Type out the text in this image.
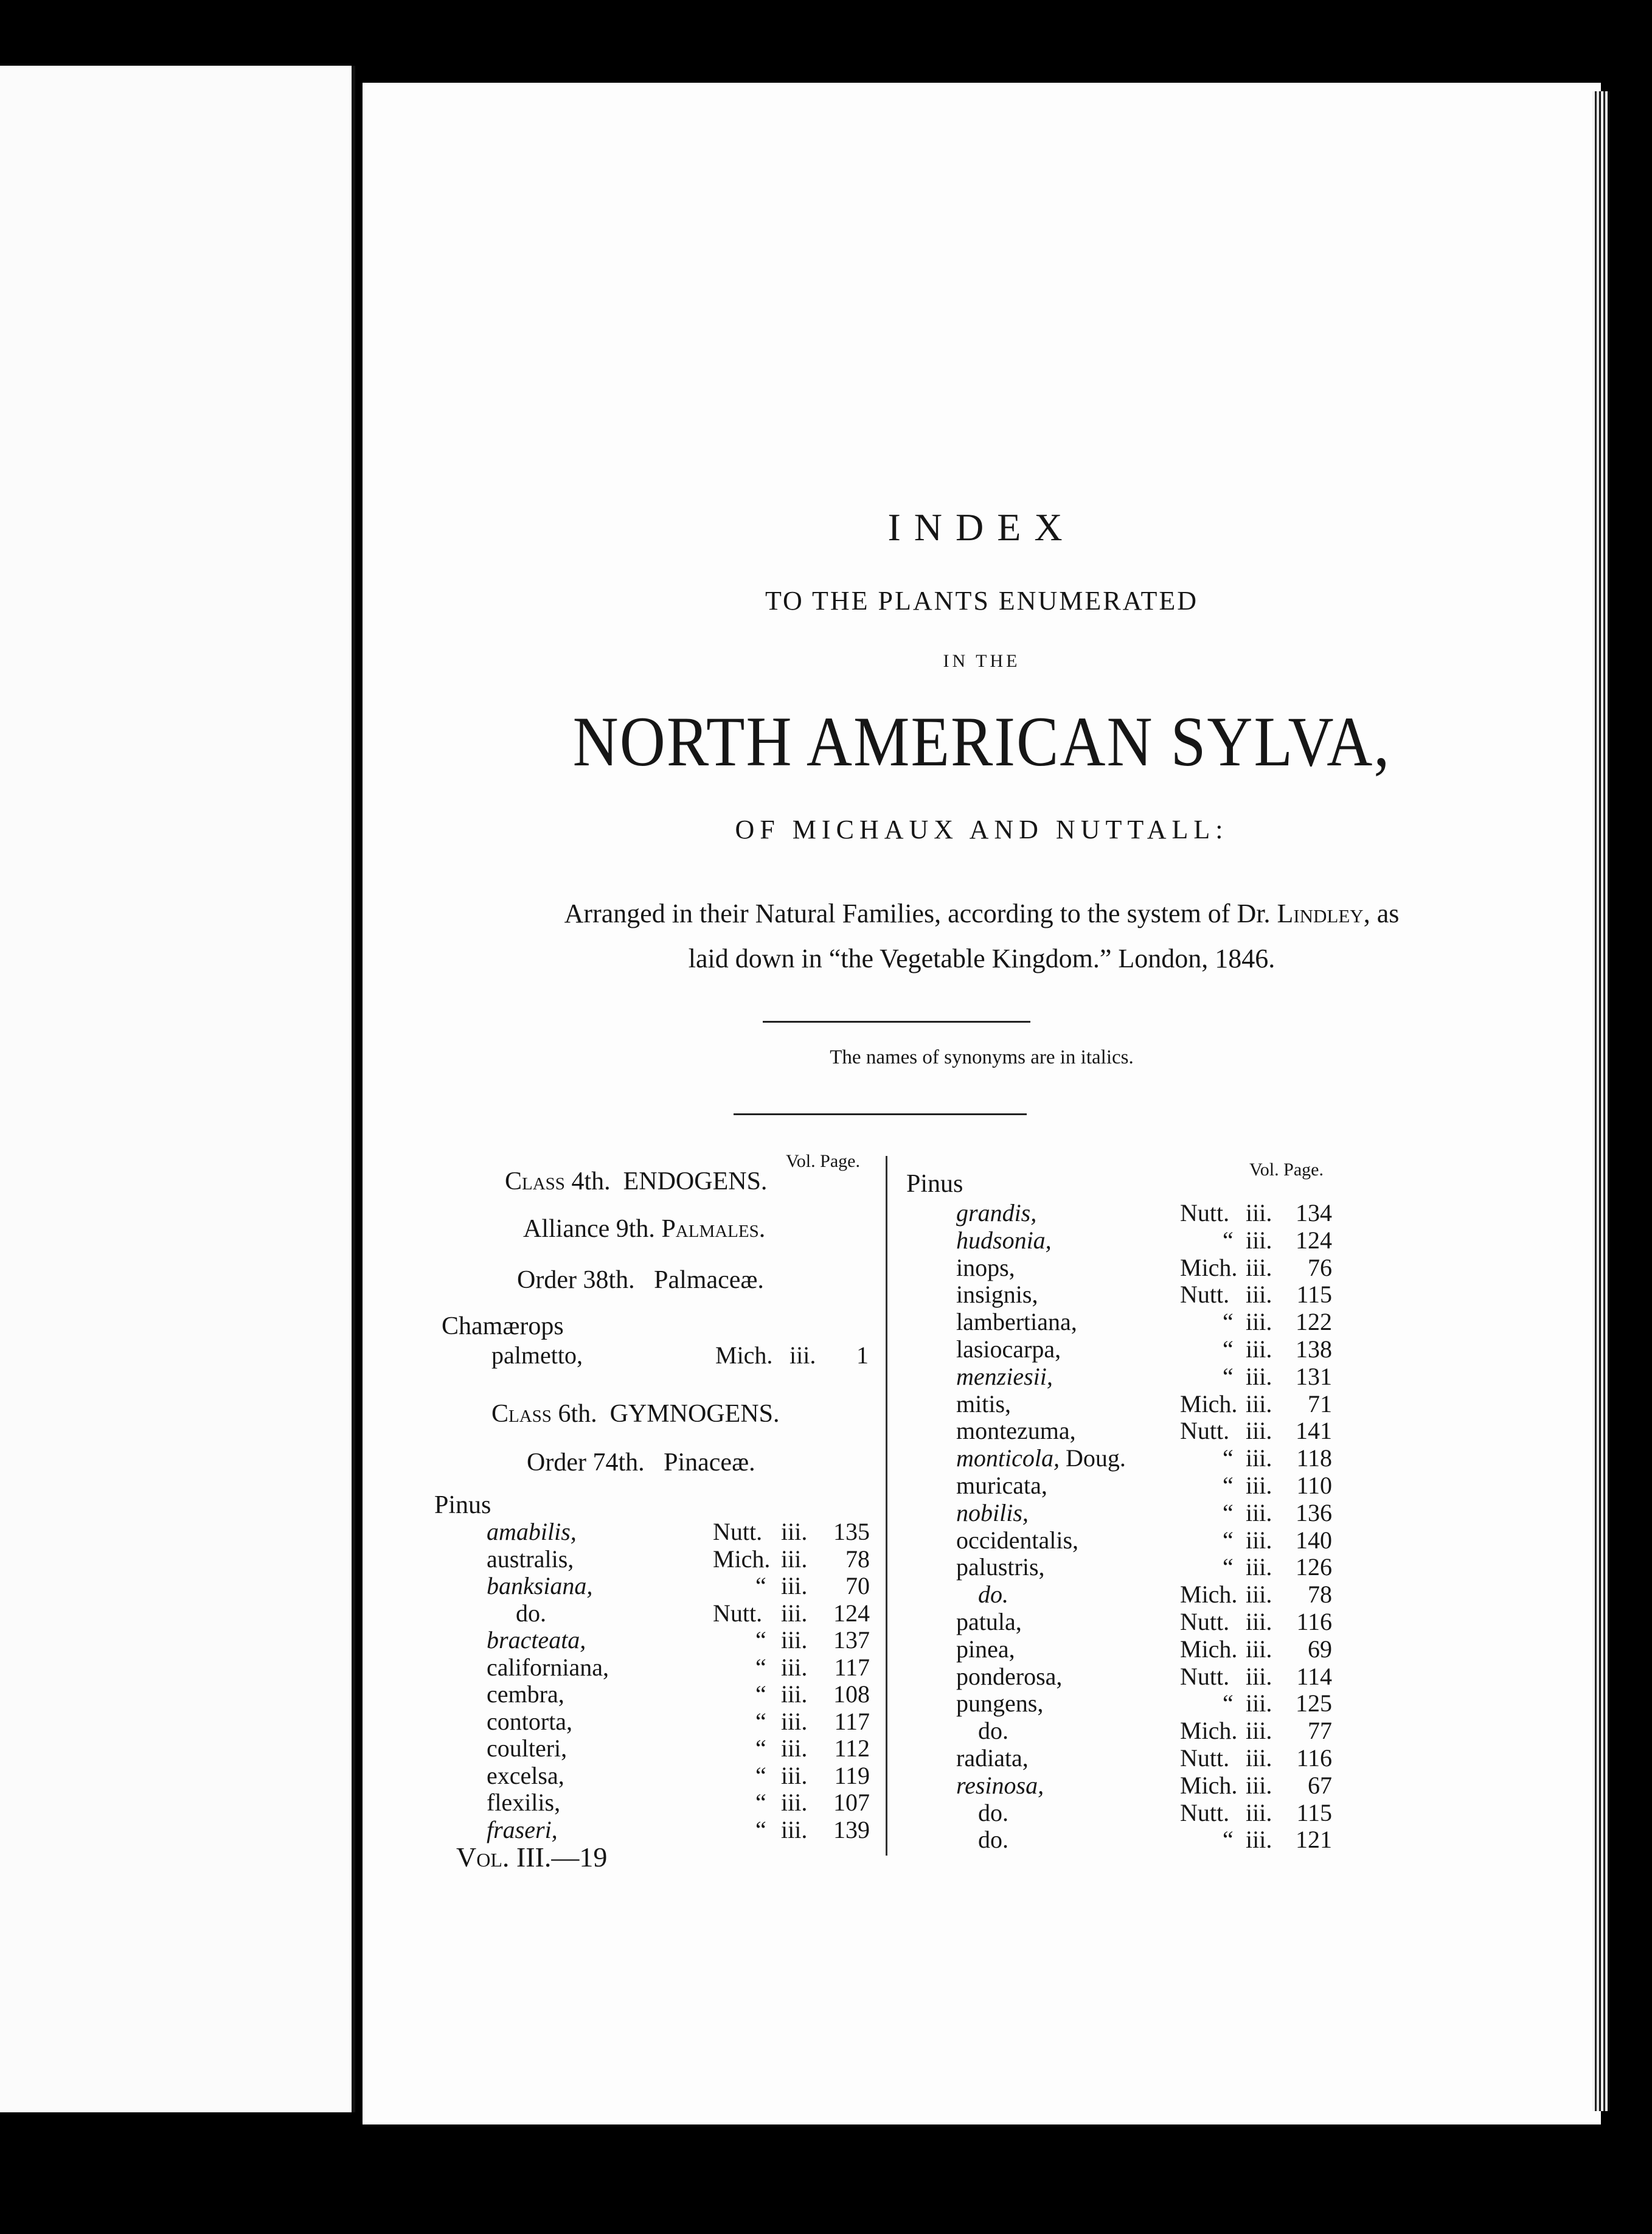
INDEX
TO THE PLANTS ENUMERATED
IN THE
NORTH AMERICAN SYLVA,
OF MICHAUX AND NUTTALL:
Arranged in their Natural Families, according to the system of Dr. Lindley, as
laid down in “the Vegetable Kingdom.” London, 1846.
The names of synonyms are in italics.
Vol. Page.	Vol. Page.
Class 4th. ENDOGENS.
Alliance 9th. Palmales.
Order 38th. Palmaceæ.
Chamærops
palmetto,	Mich. iii.	1
Class 6th. GYMNOGENS.
Order 74th. Pinaceæ.
Pinus
amabilis,	Nutt. iii.	135
australis,	Mich. iii.	78
banksiana,	“ iii.	70
do.	Nutt. iii.	124
bracteata,	“ iii.	137
californiana,	“ iii.	117
cembra,	“ iii.	108
contorta,	“ iii.	117
coulteri,	“ iii.	112
excelsa,	“ iii.	119
flexilis,	“ iii.	107
fraseri,	“ iii.	139
Vol. III.—19
Pinus
grandis,	Nutt. iii. 134
hudsonia,	“ iii. 124
inops,	Mich. iii.	76
insignis,	Nutt. iii.	115
lambertiana,	“ iii. 122
lasiocarpa,	“ iii. 138
menziesii,	“ iii. 131
mitis,	Mich. iii.	71
montezuma,	Nutt. iii. 141
monticola, Doug.	“ iii.	118
muricata,	“ iii.	110
nobilis,	“ iii. 136
occidentalis,	“ iii. 140
palustris,	“ iii. 126
do.	Mich. iii.	78
patula,	Nutt. iii.	116
pinea,	Mich. iii.	69
ponderosa,	Nutt. iii.	114
pungens,	“ iii. 125
do.	Mich. iii.	77
radiata,	Nutt. iii.	116
resinosa,	Mich. iii.	67
do.	Nutt. iii.	115
do.	“ iii. 121
